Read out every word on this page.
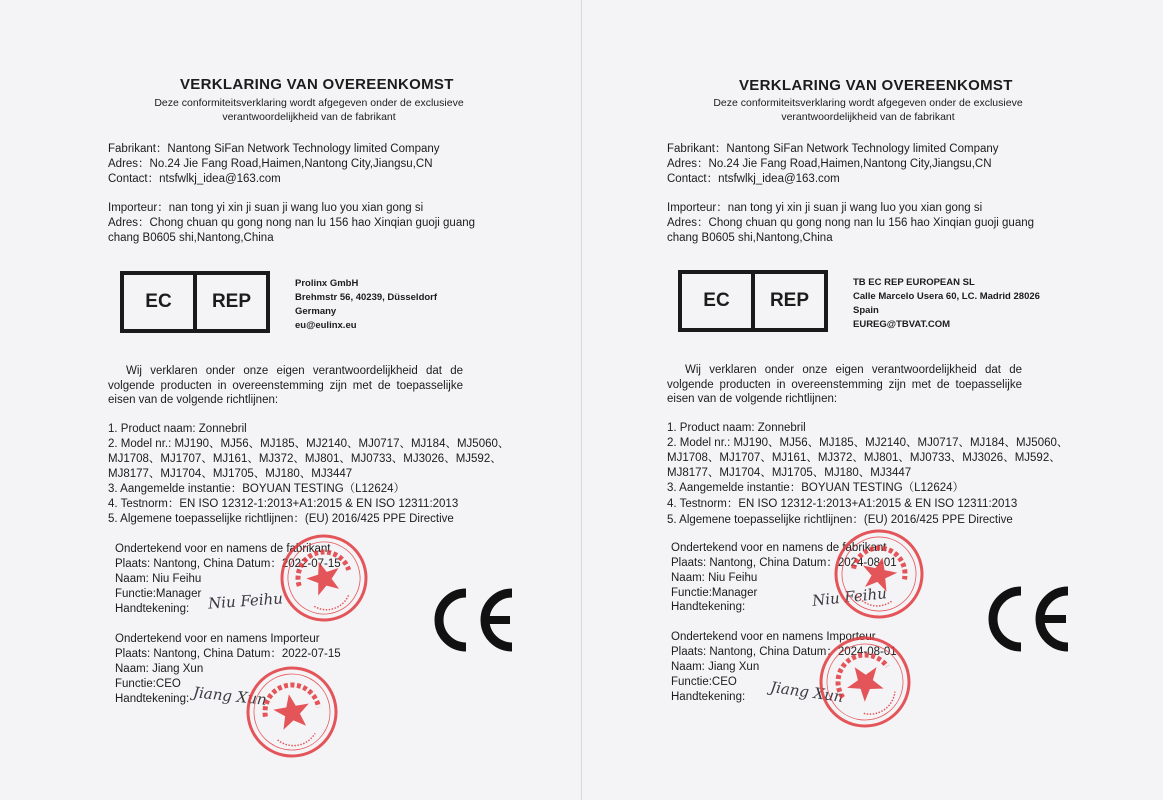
VERKLARING VAN OVEREENKOMST
Deze conformiteitsverklaring wordt afgegeven onder de exclusieve
verantwoordelijkheid van de fabrikant
Fabrikant：Nantong SiFan Network Technology limited Company
Adres：No.24 Jie Fang Road,Haimen,Nantong City,Jiangsu,CN
Contact：ntsfwlkj_idea@163.com
Importeur：nan tong yi xin ji suan ji wang luo you xian gong si
Adres：Chong chuan qu gong nong nan lu 156 hao Xinqian guoji guang
chang B0605 shi,Nantong,China
EC	REP
Prolinx GmbH
Brehmstr 56, 40239, Düsseldorf
Germany
eu@eulinx.eu
Wij verklaren onder onze eigen verantwoordelijkheid dat de volgende producten in overeenstemming zijn met de toepasselijke eisen van de volgende richtlijnen:
1. Product naam: Zonnebril
2. Model nr.: MJ190、MJ56、MJ185、MJ2140、MJ0717、MJ184、MJ5060、
MJ1708、MJ1707、MJ161、MJ372、MJ801、MJ0733、MJ3026、MJ592、
MJ8177、MJ1704、MJ1705、MJ180、MJ3447
3. Aangemelde instantie：BOYUAN TESTING（L12624）
4. Testnorm：EN ISO 12312-1:2013+A1:2015 & EN ISO 12311:2013
5. Algemene toepasselijke richtlijnen：(EU) 2016/425 PPE Directive
Ondertekend voor en namens de fabrikant
Plaats: Nantong, China Datum：2022-07-15
Naam: Niu Feihu
Functie:Manager
Handtekening: Niu Feihu
Ondertekend voor en namens Importeur
Plaats: Nantong, China Datum：2022-07-15
Naam: Jiang Xun
Functie:CEO
Handtekening: Jiang Xun
VERKLARING VAN OVEREENKOMST
Deze conformiteitsverklaring wordt afgegeven onder de exclusieve
verantwoordelijkheid van de fabrikant
Fabrikant：Nantong SiFan Network Technology limited Company
Adres：No.24 Jie Fang Road,Haimen,Nantong City,Jiangsu,CN
Contact：ntsfwlkj_idea@163.com
Importeur：nan tong yi xin ji suan ji wang luo you xian gong si
Adres：Chong chuan qu gong nong nan lu 156 hao Xinqian guoji guang
chang B0605 shi,Nantong,China
EC	REP
TB EC REP EUROPEAN SL
Calle Marcelo Usera 60, LC. Madrid 28026
Spain
EUREG@TBVAT.COM
Wij verklaren onder onze eigen verantwoordelijkheid dat de volgende producten in overeenstemming zijn met de toepasselijke eisen van de volgende richtlijnen:
1. Product naam: Zonnebril
2. Model nr.: MJ190、MJ56、MJ185、MJ2140、MJ0717、MJ184、MJ5060、
MJ1708、MJ1707、MJ161、MJ372、MJ801、MJ0733、MJ3026、MJ592、
MJ8177、MJ1704、MJ1705、MJ180、MJ3447
3. Aangemelde instantie：BOYUAN TESTING（L12624）
4. Testnorm：EN ISO 12312-1:2013+A1:2015 & EN ISO 12311:2013
5. Algemene toepasselijke richtlijnen：(EU) 2016/425 PPE Directive
Ondertekend voor en namens de fabrikant
Plaats: Nantong, China Datum：2024-08-01
Naam: Niu Feihu
Functie:Manager
Handtekening:	Niu Feihu
Ondertekend voor en namens Importeur
Plaats: Nantong, China Datum：2024-08-01
Naam: Jiang Xun
Functie:CEO
Handtekening: Jiang Xun
